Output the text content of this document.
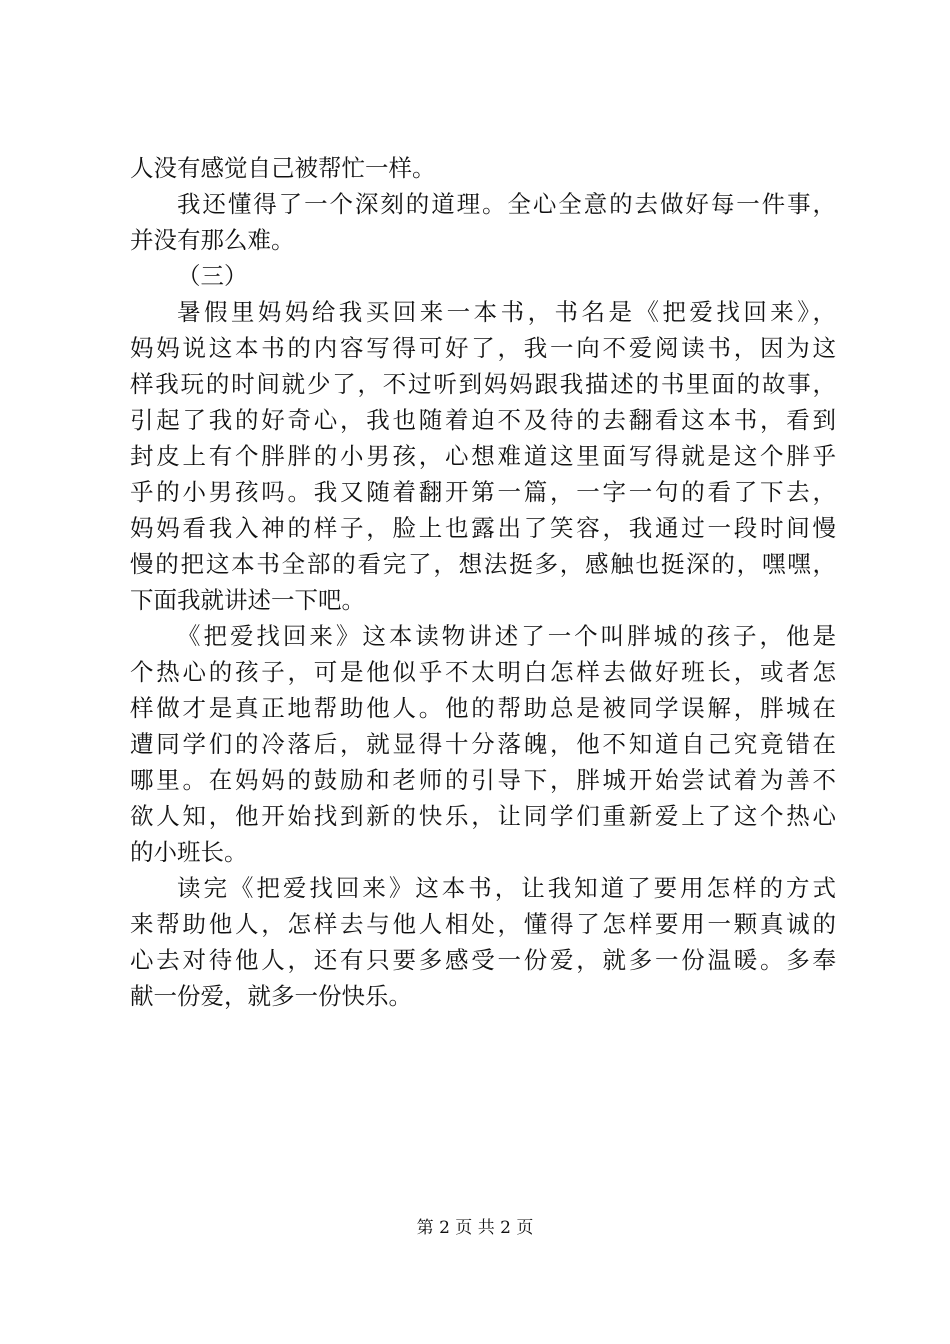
人没有感觉自己被帮忙一样。
我还懂得了一个深刻的道理。全心全意的去做好每一件事，
并没有那么难。
（三）
暑假里妈妈给我买回来一本书，书名是《把爱找回来》，
妈妈说这本书的内容写得可好了，我一向不爱阅读书，因为这
样我玩的时间就少了，不过听到妈妈跟我描述的书里面的故事，
引起了我的好奇心，我也随着迫不及待的去翻看这本书，看到
封皮上有个胖胖的小男孩，心想难道这里面写得就是这个胖乎
乎的小男孩吗。我又随着翻开第一篇，一字一句的看了下去，
妈妈看我入神的样子，脸上也露出了笑容，我通过一段时间慢
慢的把这本书全部的看完了，想法挺多，感触也挺深的，嘿嘿，
下面我就讲述一下吧。
《把爱找回来》这本读物讲述了一个叫胖城的孩子，他是
个热心的孩子，可是他似乎不太明白怎样去做好班长，或者怎
样做才是真正地帮助他人。他的帮助总是被同学误解，胖城在
遭同学们的冷落后，就显得十分落魄，他不知道自己究竟错在
哪里。在妈妈的鼓励和老师的引导下，胖城开始尝试着为善不
欲人知，他开始找到新的快乐，让同学们重新爱上了这个热心
的小班长。
读完《把爱找回来》这本书，让我知道了要用怎样的方式
来帮助他人，怎样去与他人相处，懂得了怎样要用一颗真诚的
心去对待他人，还有只要多感受一份爱，就多一份温暖。多奉
献一份爱，就多一份快乐。
第 2 页 共 2 页
